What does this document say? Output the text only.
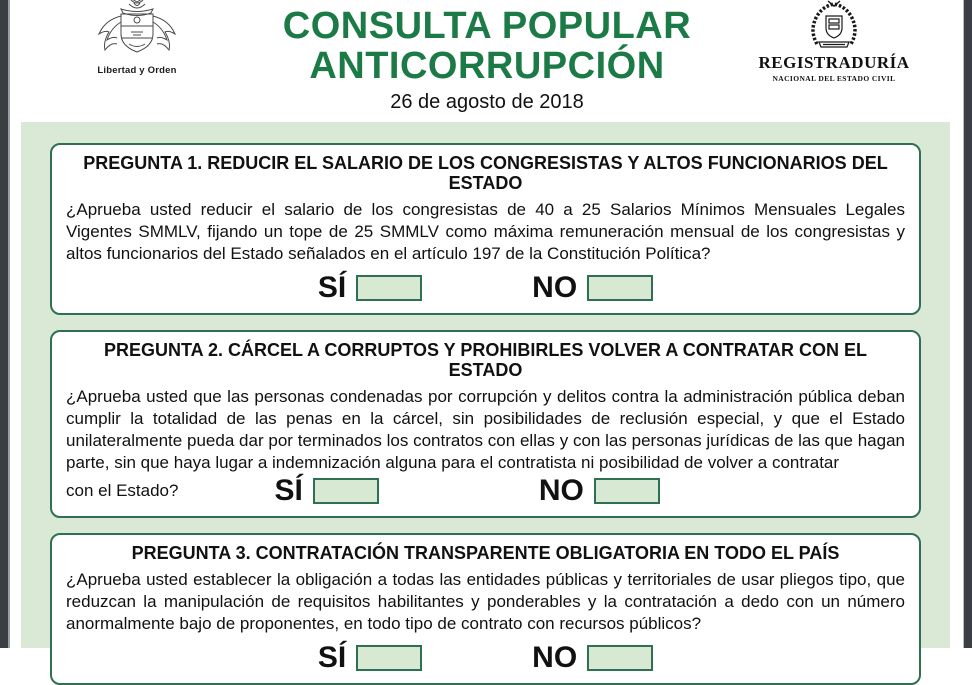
Libertad y Orden
CONSULTA POPULAR
ANTICORRUPCIÓN
26 de agosto de 2018
REGISTRADURÍA
NACIONAL DEL ESTADO CIVIL
PREGUNTA 1. REDUCIR EL SALARIO DE LOS CONGRESISTAS Y ALTOS FUNCIONARIOS DEL ESTADO

¿Aprueba usted reducir el salario de los congresistas de 40 a 25 Salarios Mínimos Mensuales Legales Vigentes SMMLV, fijando un tope de 25 SMMLV como máxima remuneración mensual de los congresistas y altos funcionarios del Estado señalados en el artículo 197 de la Constitución Política?

SÍ	NO
PREGUNTA 2. CÁRCEL A CORRUPTOS Y PROHIBIRLES VOLVER A CONTRATAR CON EL ESTADO

¿Aprueba usted que las personas condenadas por corrupción y delitos contra la administración pública deban cumplir la totalidad de las penas en la cárcel, sin posibilidades de reclusión especial, y que el Estado unilateralmente pueda dar por terminados los contratos con ellas y con las personas jurídicas de las que hagan parte, sin que haya lugar a indemnización alguna para el contratista ni posibilidad de volver a contratar

con el Estado?	SÍ	NO
PREGUNTA 3. CONTRATACIÓN TRANSPARENTE OBLIGATORIA EN TODO EL PAÍS

¿Aprueba usted establecer la obligación a todas las entidades públicas y territoriales de usar pliegos tipo, que reduzcan la manipulación de requisitos habilitantes y ponderables y la contratación a dedo con un número anormalmente bajo de proponentes, en todo tipo de contrato con recursos públicos?

SÍ	NO
